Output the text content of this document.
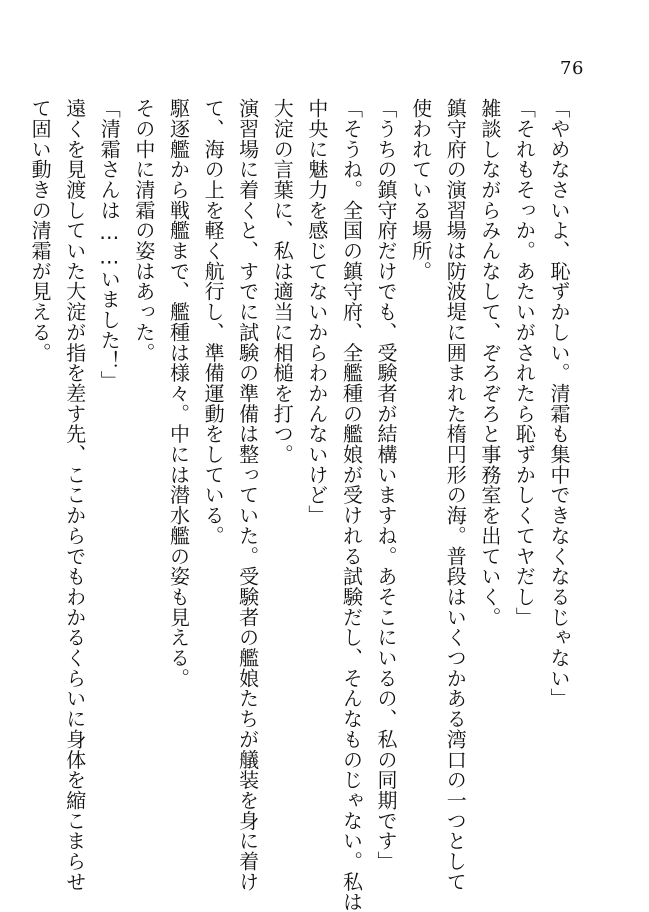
76
「やめなさいよ、恥ずかしい。清霜も集中できなくなるじゃない」
「それもそっか。あたいがされたら恥ずかしくてヤだし」
雑談しながらみんなして、ぞろぞろと事務室を出ていく。
鎮守府の演習場は防波堤に囲まれた楕円形の海。普段はいくつかある湾口の一つとして
使われている場所。
「うちの鎮守府だけでも、受験者が結構いますね。あそこにいるの、私の同期です」
「そうね。全国の鎮守府、全艦種の艦娘が受けれる試験だし、そんなものじゃない。私は
中央に魅力を感じてないからわかんないけど」
大淀の言葉に、私は適当に相槌を打つ。
演習場に着くと、すでに試験の準備は整っていた。受験者の艦娘たちが艤装を身に着け
て、海の上を軽く航行し、準備運動をしている。
駆逐艦から戦艦まで、艦種は様々。中には潜水艦の姿も見える。
その中に清霜の姿はあった。
「清霜さんは……いました！」
遠くを見渡していた大淀が指を差す先、ここからでもわかるくらいに身体を縮こまらせ
て固い動きの清霜が見える。
